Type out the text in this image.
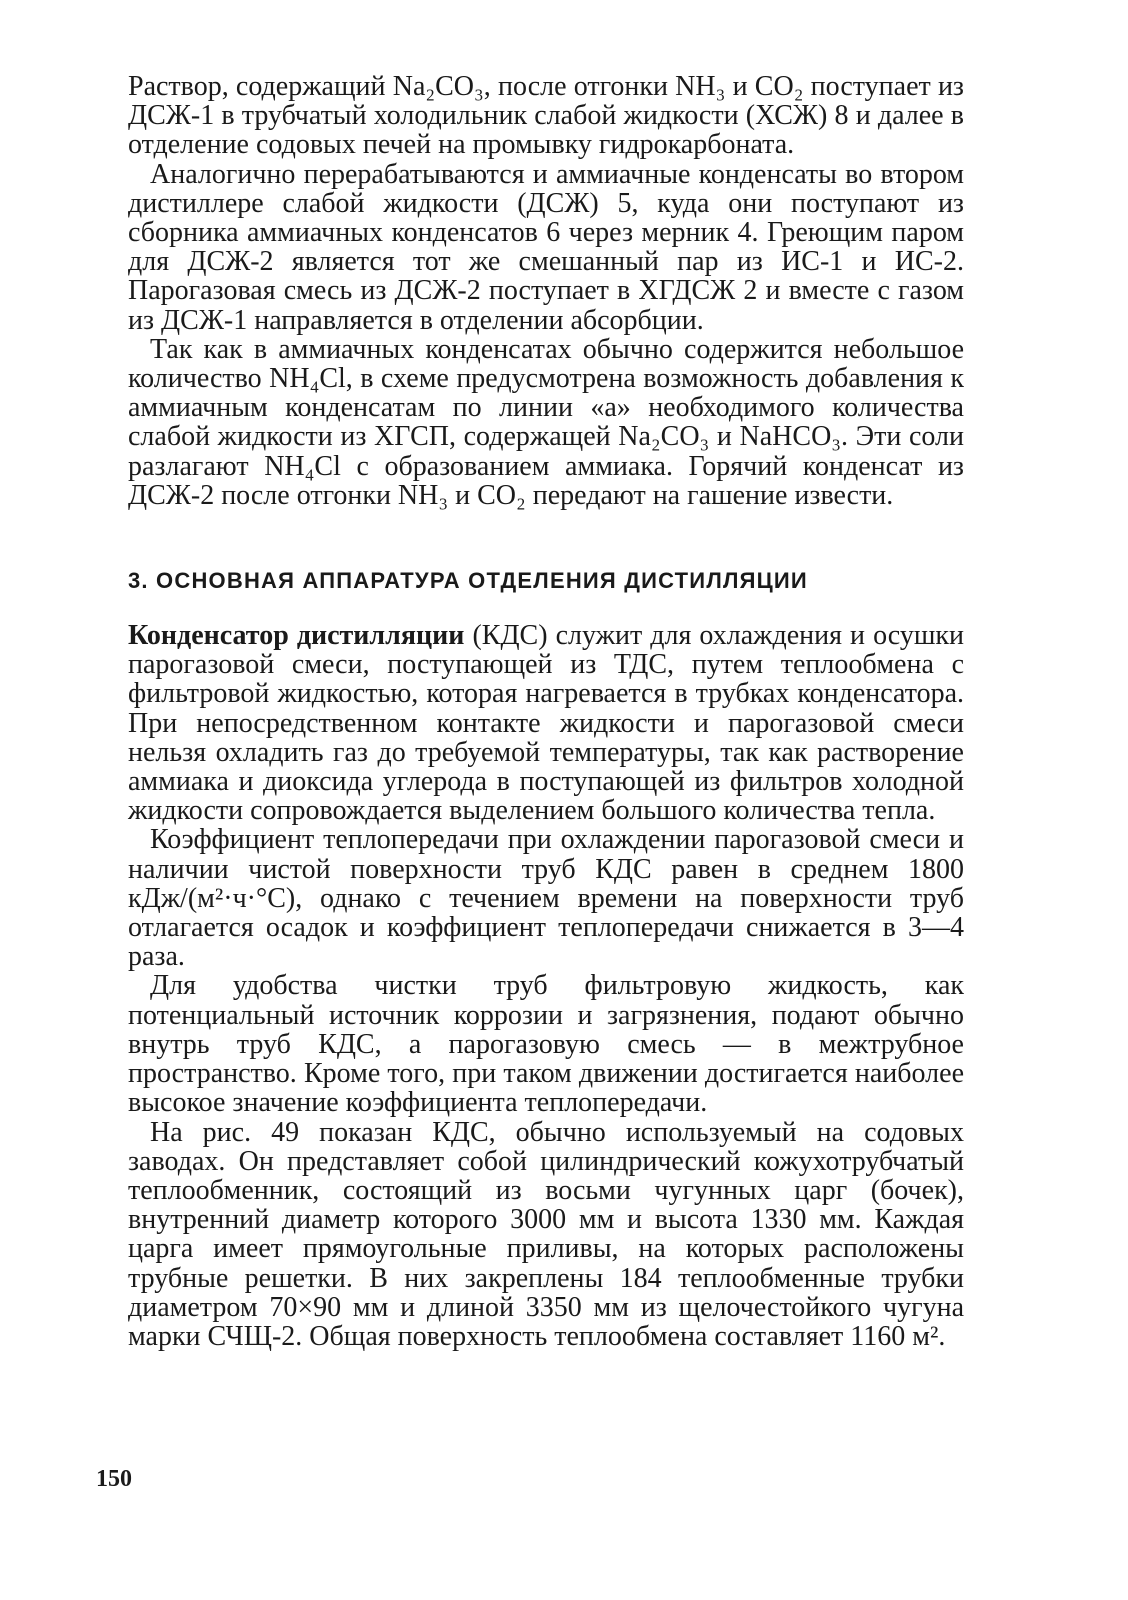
Раствор, содержащий Na₂CO₃, после отгонки NH₃ и CO₂ поступает из ДСЖ-1 в трубчатый холодильник слабой жидкости (ХСЖ) 8 и далее в отделение содовых печей на промывку гидрокарбоната.

Аналогично перерабатываются и аммиачные конденсаты во втором дистиллере слабой жидкости (ДСЖ) 5, куда они поступают из сборника аммиачных конденсатов 6 через мерник 4. Греющим паром для ДСЖ-2 является тот же смешанный пар из ИС-1 и ИС-2. Парогазовая смесь из ДСЖ-2 поступает в ХГДСЖ 2 и вместе с газом из ДСЖ-1 направляется в отделении абсорбции.

Так как в аммиачных конденсатах обычно содержится небольшое количество NH₄Cl, в схеме предусмотрена возможность добавления к аммиачным конденсатам по линии «а» необходимого количества слабой жидкости из ХГСП, содержащей Na₂CO₃ и NaHCO₃. Эти соли разлагают NH₄Cl с образованием аммиака. Горячий конденсат из ДСЖ-2 после отгонки NH₃ и CO₂ передают на гашение извести.

3. ОСНОВНАЯ АППАРАТУРА ОТДЕЛЕНИЯ ДИСТИЛЛЯЦИИ

Конденсатор дистилляции (КДС) служит для охлаждения и осушки парогазовой смеси, поступающей из ТДС, путем теплообмена с фильтровой жидкостью, которая нагревается в трубках конденсатора. При непосредственном контакте жидкости и парогазовой смеси нельзя охладить газ до требуемой температуры, так как растворение аммиака и диоксида углерода в поступающей из фильтров холодной жидкости сопровождается выделением большого количества тепла.

Коэффициент теплопередачи при охлаждении парогазовой смеси и наличии чистой поверхности труб КДС равен в среднем 1800 кДж/(м²·ч·°С), однако с течением времени на поверхности труб отлагается осадок и коэффициент теплопередачи снижается в 3—4 раза.

Для удобства чистки труб фильтровую жидкость, как потенциальный источник коррозии и загрязнения, подают обычно внутрь труб КДС, а парогазовую смесь — в межтрубное пространство. Кроме того, при таком движении достигается наиболее высокое значение коэффициента теплопередачи.

На рис. 49 показан КДС, обычно используемый на содовых заводах. Он представляет собой цилиндрический кожухотрубчатый теплообменник, состоящий из восьми чугунных царг (бочек), внутренний диаметр которого 3000 мм и высота 1330 мм. Каждая царга имеет прямоугольные приливы, на которых расположены трубные решетки. В них закреплены 184 теплообменные трубки диаметром 70×90 мм и длиной 3350 мм из щелочестойкого чугуна марки СЧЩ-2. Общая поверхность теплообмена составляет 1160 м².

150
